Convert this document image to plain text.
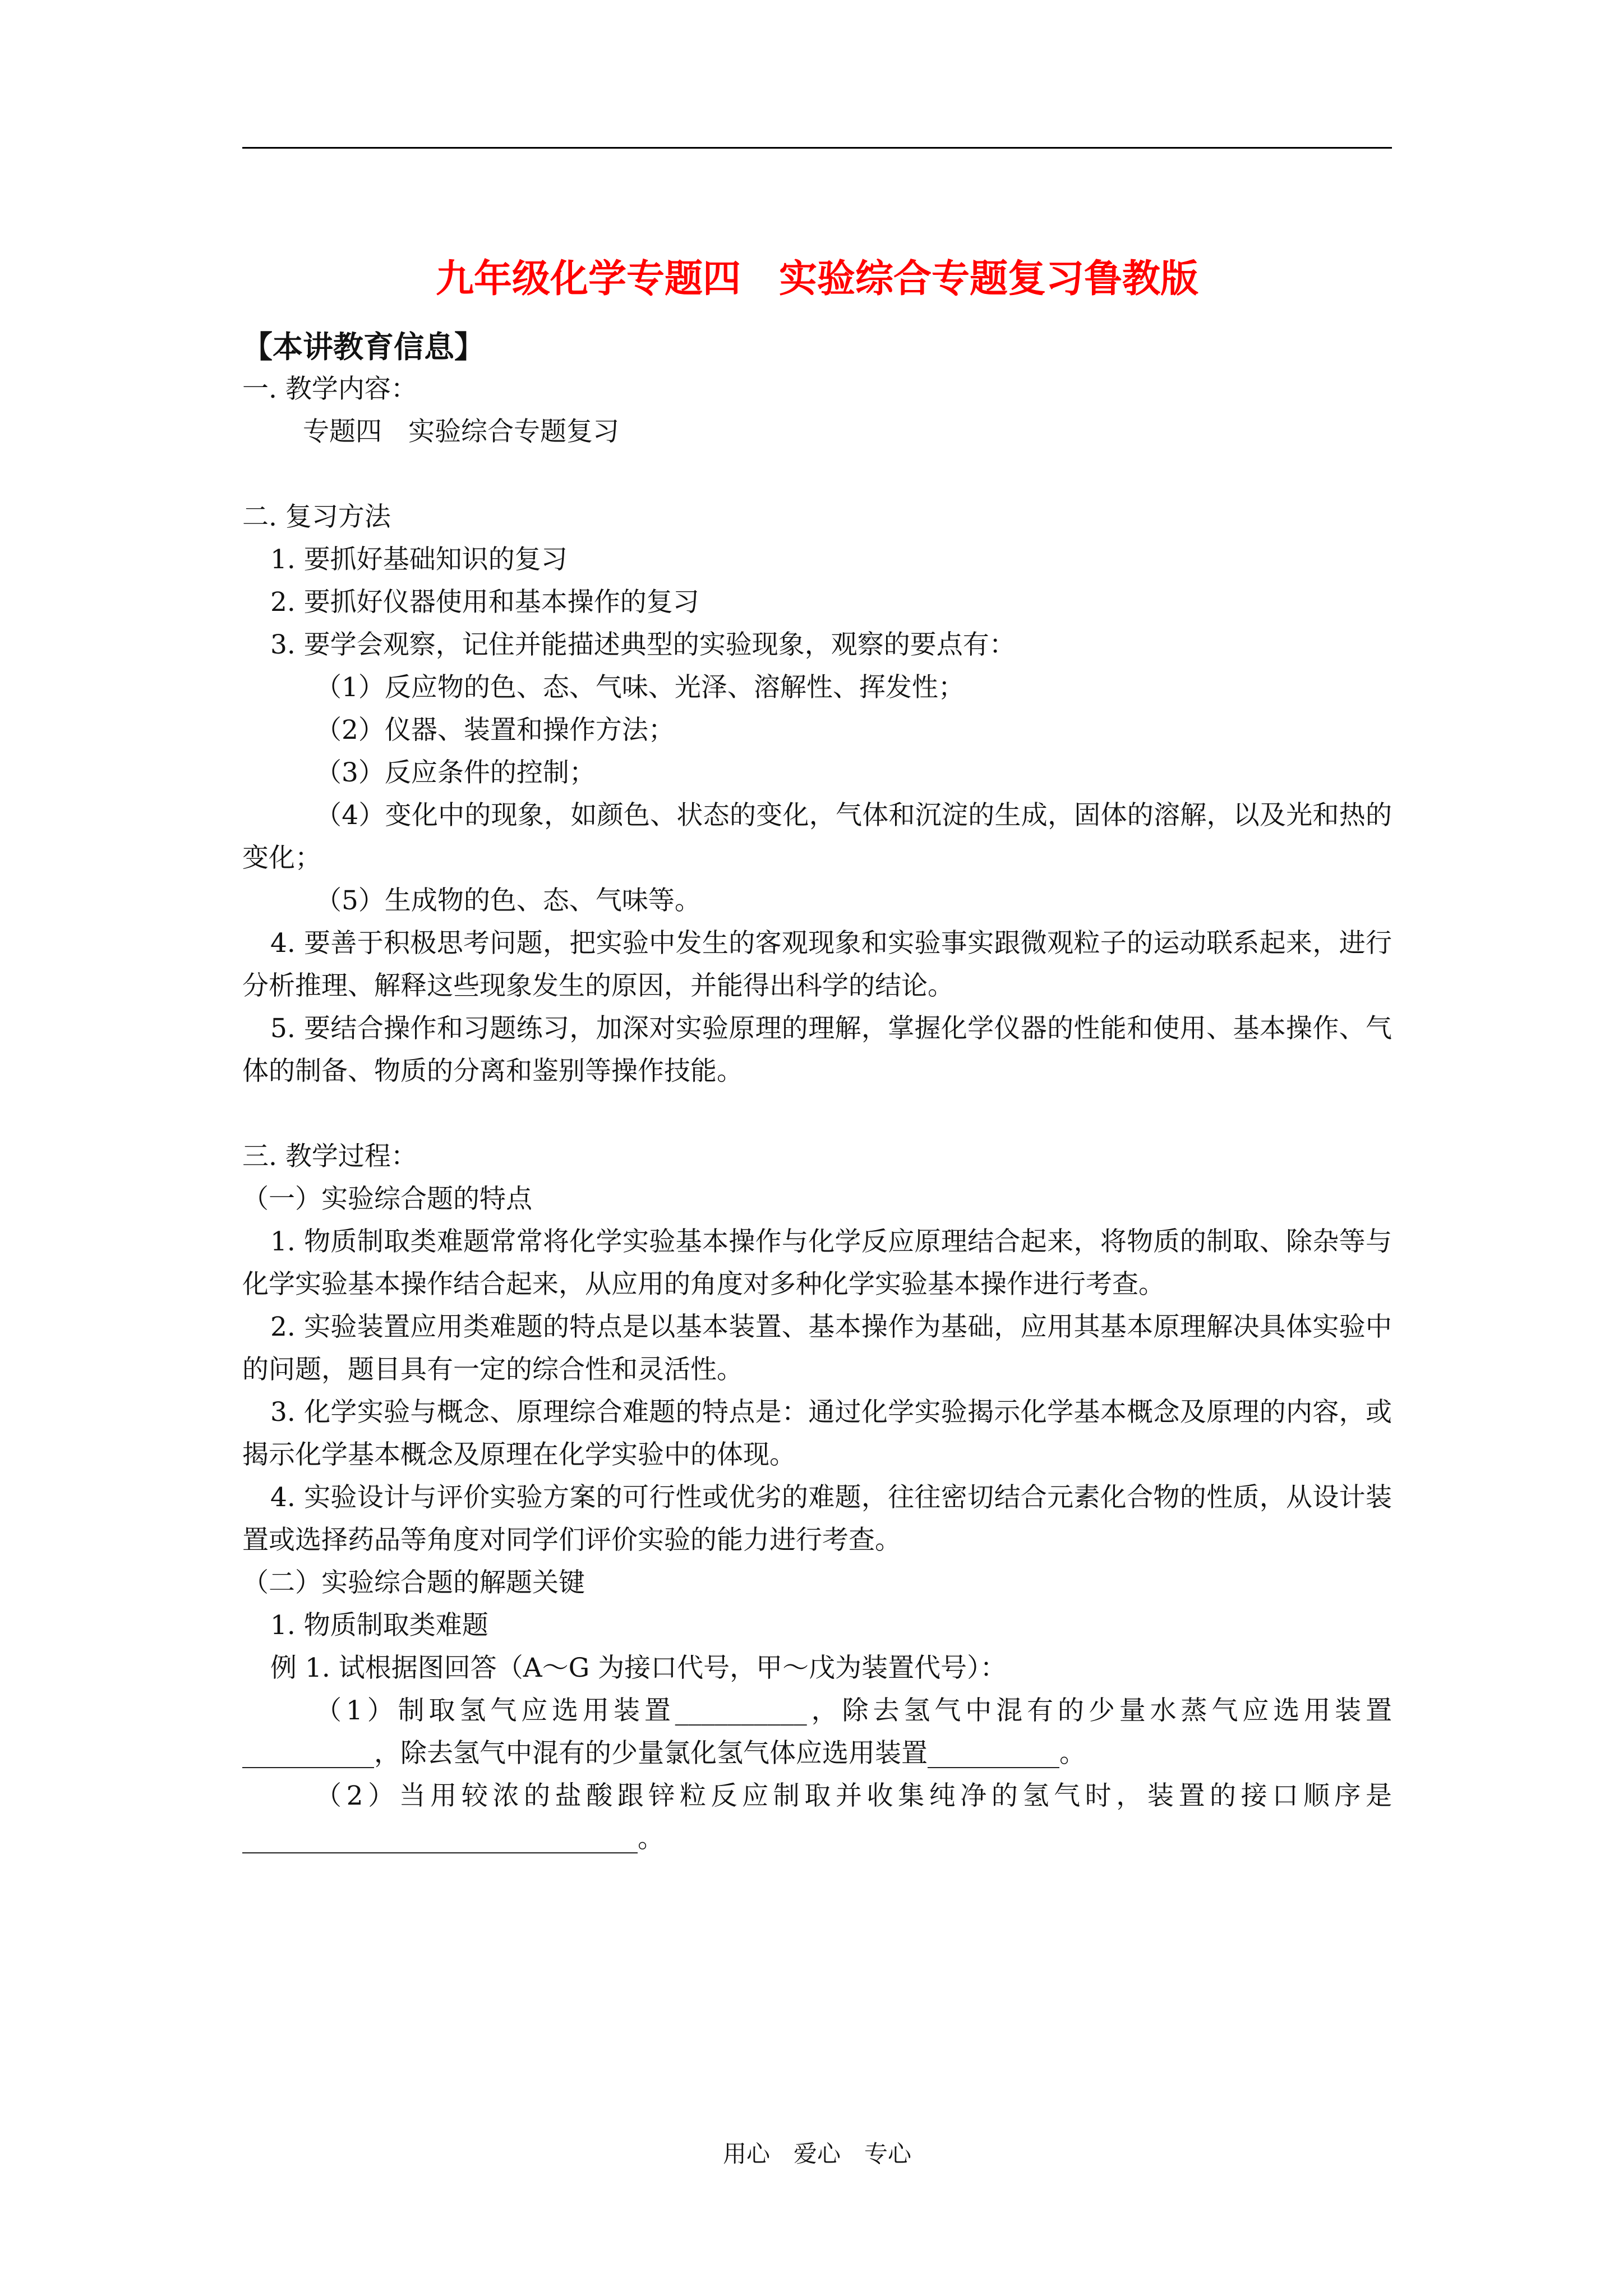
九年级化学专题四　实验综合专题复习鲁教版

【本讲教育信息】

一. 教学内容：

专题四　实验综合专题复习

二. 复习方法

1. 要抓好基础知识的复习

2. 要抓好仪器使用和基本操作的复习

3. 要学会观察，记住并能描述典型的实验现象，观察的要点有：

（1）反应物的色、态、气味、光泽、溶解性、挥发性；

（2）仪器、装置和操作方法；

（3）反应条件的控制；

（4）变化中的现象，如颜色、状态的变化，气体和沉淀的生成，固体的溶解，以及光和热的变化；

（5）生成物的色、态、气味等。

4. 要善于积极思考问题，把实验中发生的客观现象和实验事实跟微观粒子的运动联系起来，进行分析推理、解释这些现象发生的原因，并能得出科学的结论。

5. 要结合操作和习题练习，加深对实验原理的理解，掌握化学仪器的性能和使用、基本操作、气体的制备、物质的分离和鉴别等操作技能。

三. 教学过程：

（一）实验综合题的特点

1. 物质制取类难题常常将化学实验基本操作与化学反应原理结合起来，将物质的制取、除杂等与化学实验基本操作结合起来，从应用的角度对多种化学实验基本操作进行考查。

2. 实验装置应用类难题的特点是以基本装置、基本操作为基础，应用其基本原理解决具体实验中的问题，题目具有一定的综合性和灵活性。

3. 化学实验与概念、原理综合难题的特点是：通过化学实验揭示化学基本概念及原理的内容，或揭示化学基本概念及原理在化学实验中的体现。

4. 实验设计与评价实验方案的可行性或优劣的难题，往往密切结合元素化合物的性质，从设计装置或选择药品等角度对同学们评价实验的能力进行考查。

（二）实验综合题的解题关键

1. 物质制取类难题

例 1. 试根据图回答（A～G 为接口代号，甲～戊为装置代号）：

（1）制取氢气应选用装置__________，除去氢气中混有的少量水蒸气应选用装置__________，除去氢气中混有的少量氯化氢气体应选用装置__________。

（2）当用较浓的盐酸跟锌粒反应制取并收集纯净的氢气时，装置的接口顺序是______________________________。

用心　爱心　专心
